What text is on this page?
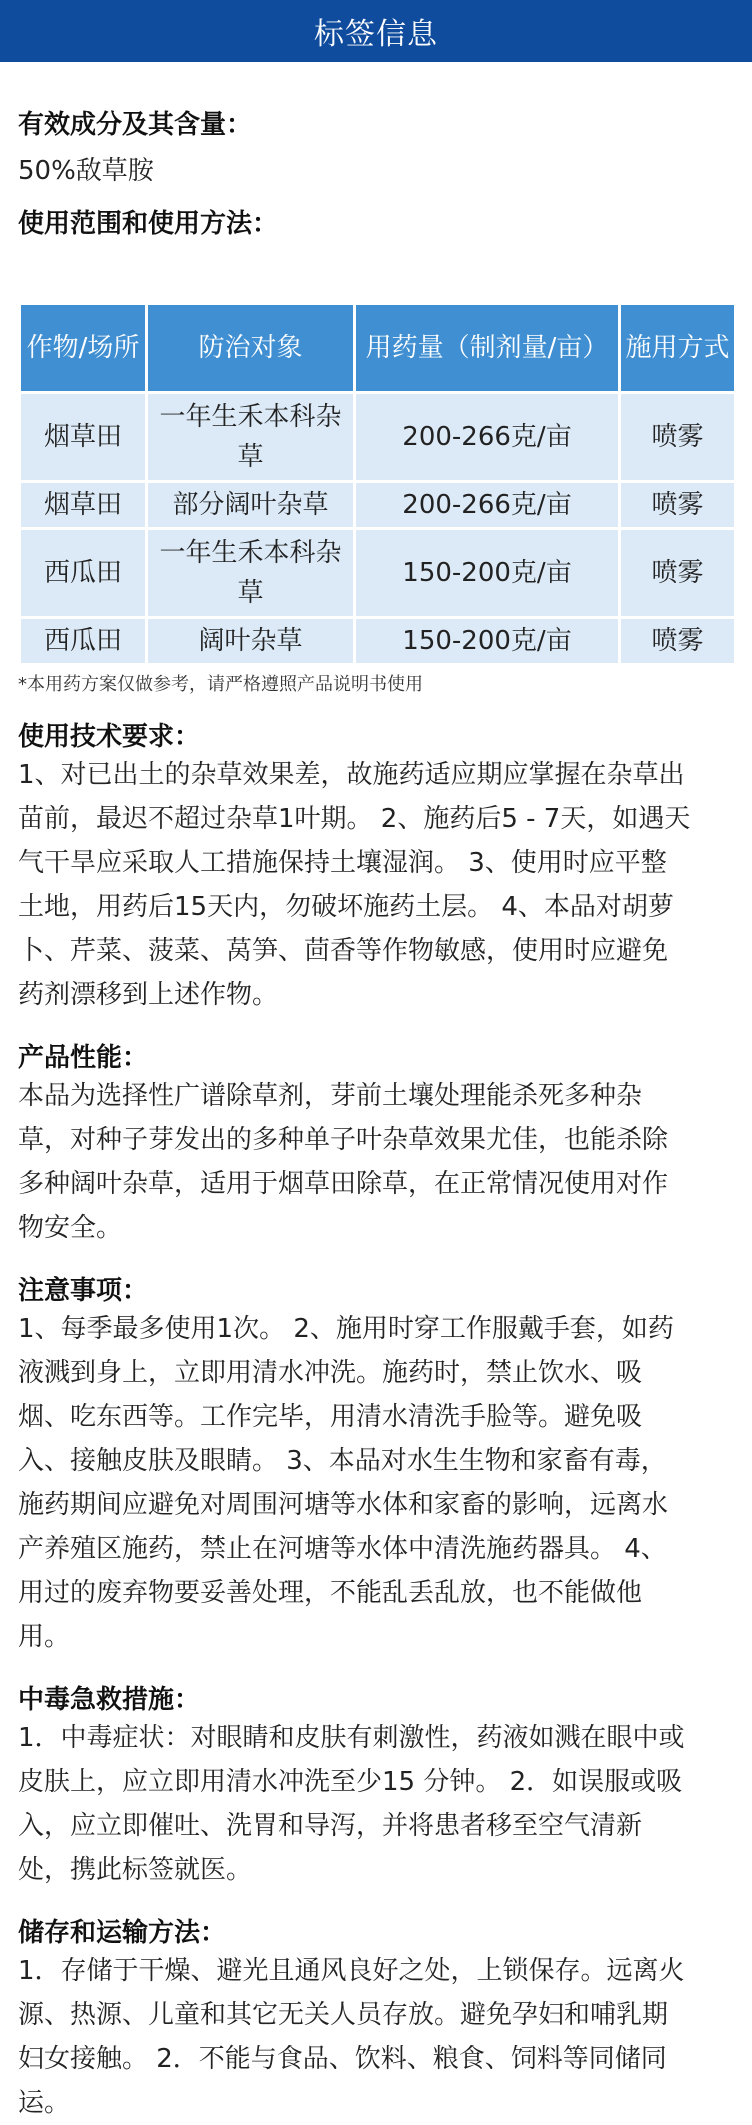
标签信息

有效成分及其含量：

50%敌草胺

使用范围和使用方法：

作物/场所	防治对象	用药量（制剂量/亩）	施用方式
烟草田	一年生禾本科杂草	200-266克/亩	喷雾
烟草田	部分阔叶杂草	200-266克/亩	喷雾
西瓜田	一年生禾本科杂草	150-200克/亩	喷雾
西瓜田	阔叶杂草	150-200克/亩	喷雾
*本用药方案仅做参考，请严格遵照产品说明书使用

使用技术要求：

1、对已出土的杂草效果差，故施药适应期应掌握在杂草出

苗前，最迟不超过杂草1叶期。 2、施药后5 - 7天，如遇天

气干旱应采取人工措施保持土壤湿润。 3、使用时应平整

土地，用药后15天内，勿破坏施药土层。 4、本品对胡萝

卜、芹菜、菠菜、莴笋、茴香等作物敏感，使用时应避免

药剂漂移到上述作物。

产品性能：

本品为选择性广谱除草剂，芽前土壤处理能杀死多种杂

草，对种子芽发出的多种单子叶杂草效果尤佳，也能杀除

多种阔叶杂草，适用于烟草田除草，在正常情况使用对作

物安全。

注意事项：

1、每季最多使用1次。 2、施用时穿工作服戴手套，如药

液溅到身上，立即用清水冲洗。施药时，禁止饮水、吸

烟、吃东西等。工作完毕，用清水清洗手脸等。避免吸

入、接触皮肤及眼睛。 3、本品对水生生物和家畜有毒，

施药期间应避免对周围河塘等水体和家畜的影响，远离水

产养殖区施药，禁止在河塘等水体中清洗施药器具。 4、

用过的废弃物要妥善处理，不能乱丢乱放，也不能做他

用。

中毒急救措施：

1．中毒症状：对眼睛和皮肤有刺激性，药液如溅在眼中或

皮肤上，应立即用清水冲洗至少15 分钟。 2．如误服或吸

入，应立即催吐、洗胃和导泻，并将患者移至空气清新

处，携此标签就医。

储存和运输方法：

1．存储于干燥、避光且通风良好之处，上锁保存。远离火

源、热源、儿童和其它无关人员存放。避免孕妇和哺乳期

妇女接触。 2．不能与食品、饮料、粮食、饲料等同储同

运。
